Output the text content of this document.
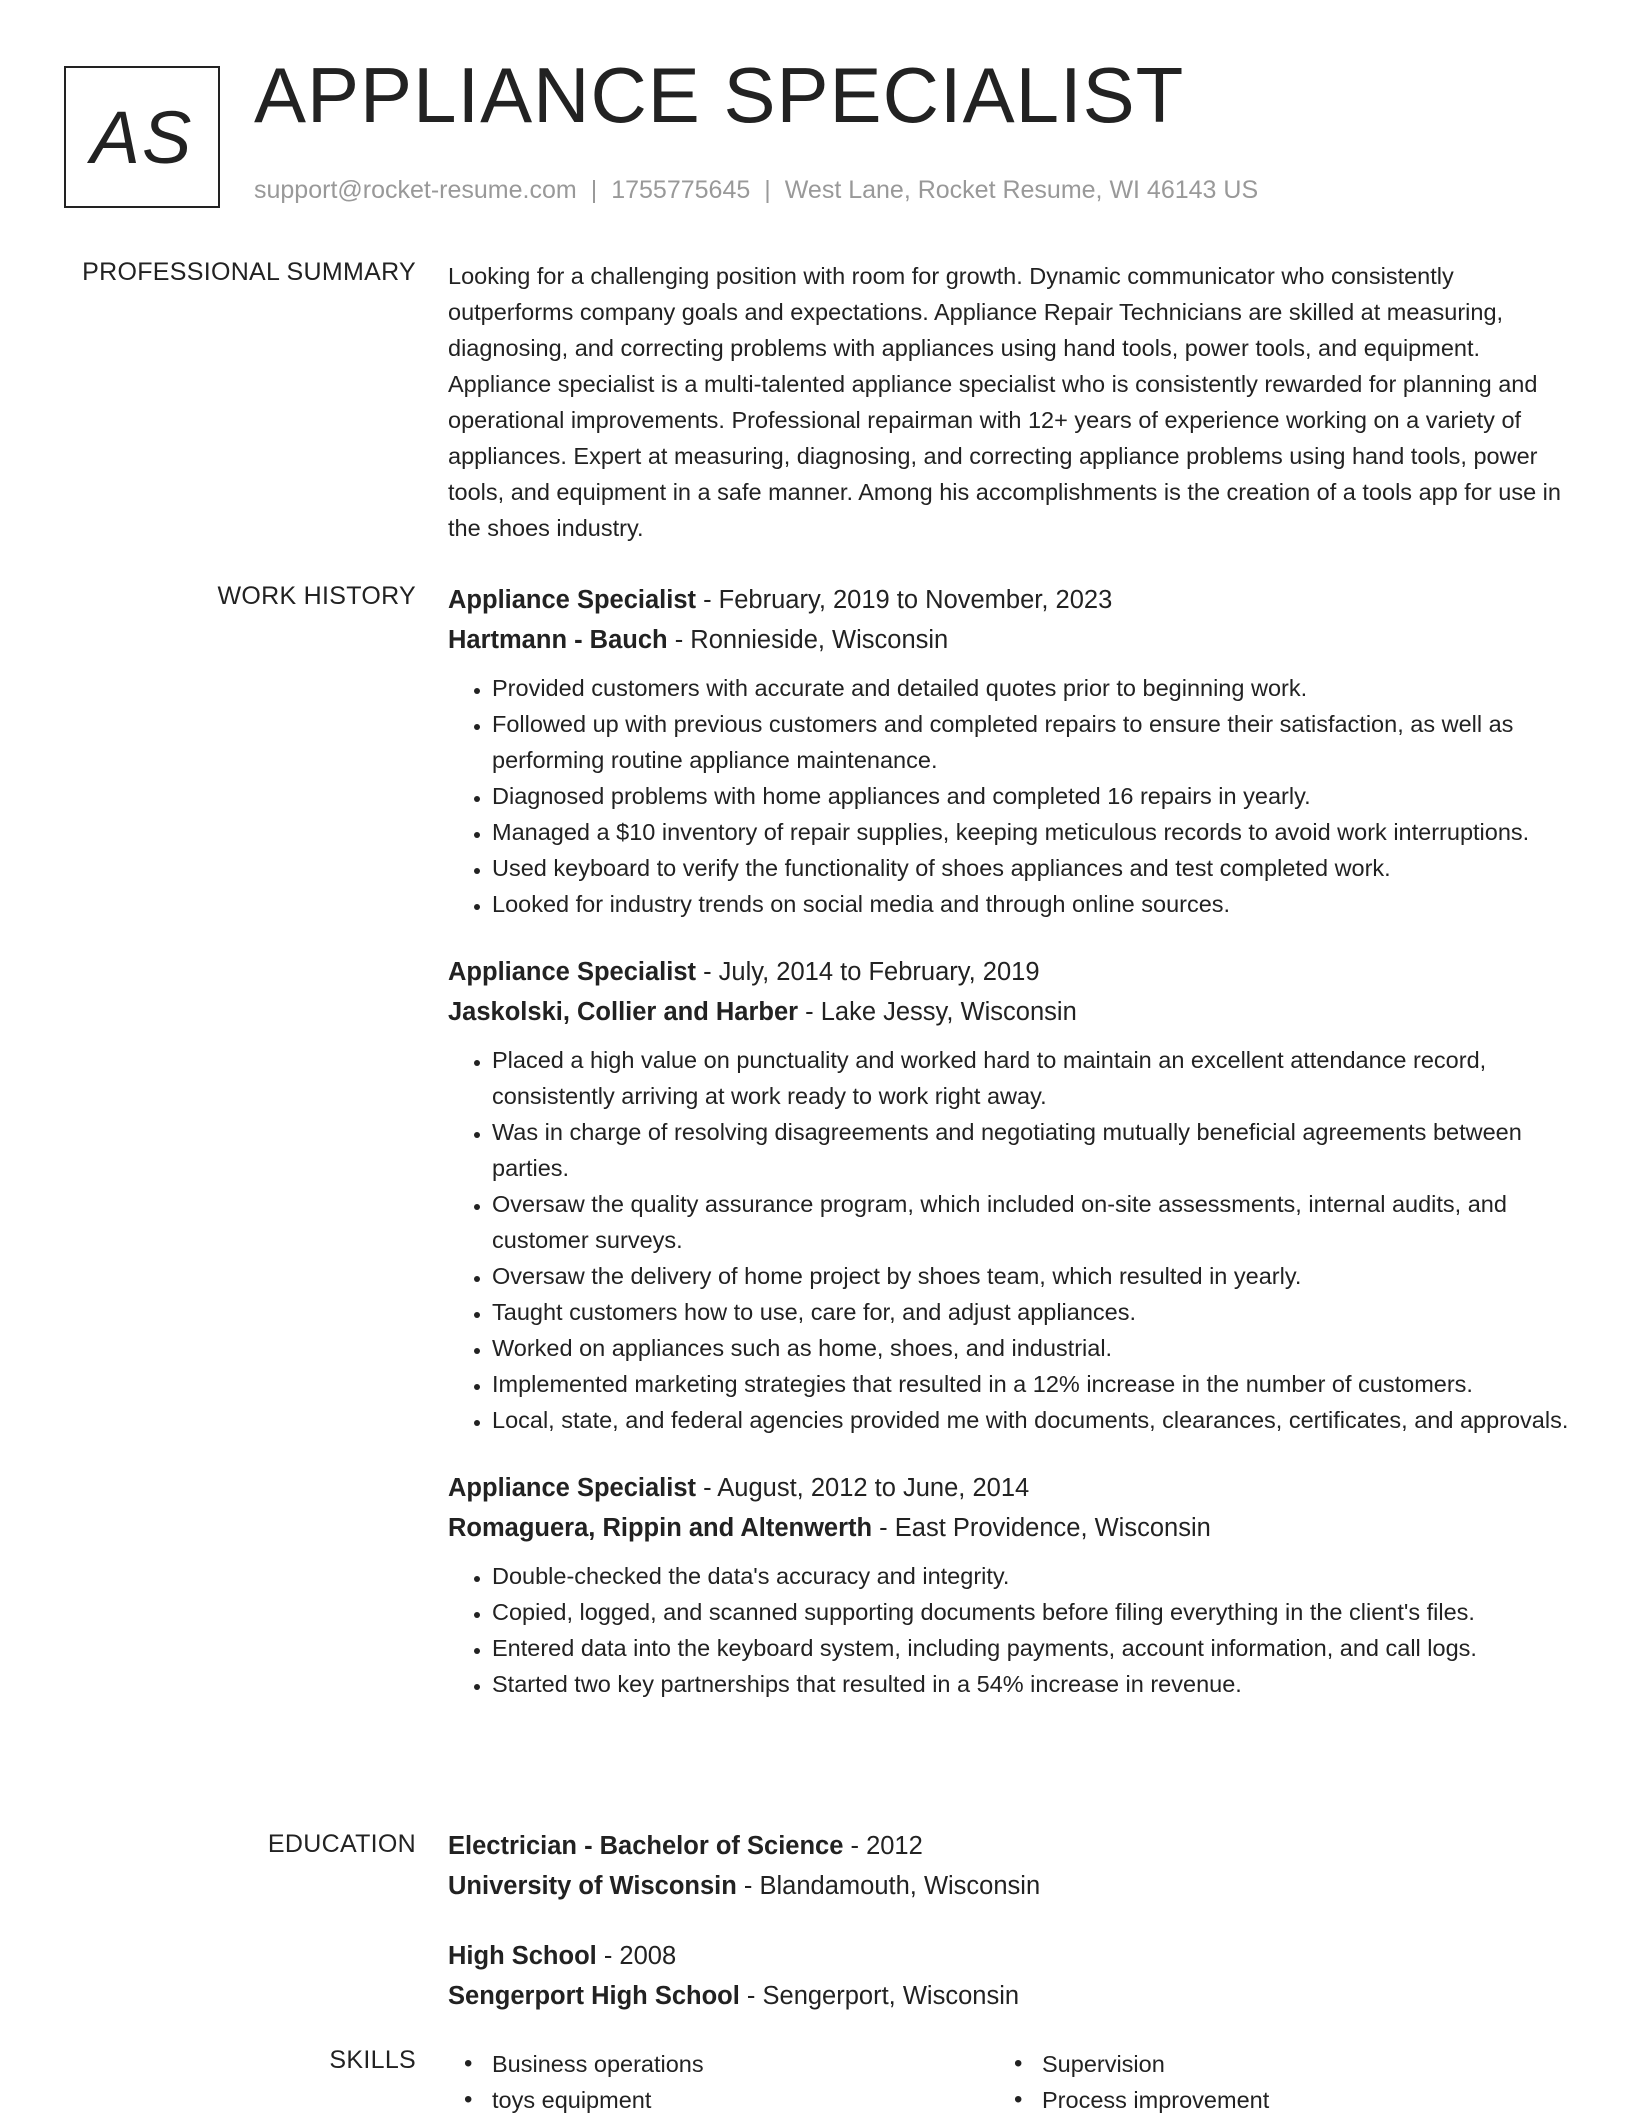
AS APPLIANCE SPECIALIST
support@rocket-resume.com | 1755775645 | West Lane, Rocket Resume, WI 46143 US
PROFESSIONAL SUMMARY Looking for a challenging position with room for growth. Dynamic communicator who consistently outperforms company goals and expectations. Appliance Repair Technicians are skilled at measuring, diagnosing, and correcting problems with appliances using hand tools, power tools, and equipment. Appliance specialist is a multi-talented appliance specialist who is consistently rewarded for planning and operational improvements. Professional repairman with 12+ years of experience working on a variety of appliances. Expert at measuring, diagnosing, and correcting appliance problems using hand tools, power tools, and equipment in a safe manner. Among his accomplishments is the creation of a tools app for use in the shoes industry.

WORK HISTORY Appliance Specialist - February, 2019 to November, 2023
Hartmann - Bauch - Ronnieside, Wisconsin
• Provided customers with accurate and detailed quotes prior to beginning work.
• Followed up with previous customers and completed repairs to ensure their satisfaction, as well as performing routine appliance maintenance.
• Diagnosed problems with home appliances and completed 16 repairs in yearly.
• Managed a $10 inventory of repair supplies, keeping meticulous records to avoid work interruptions.
• Used keyboard to verify the functionality of shoes appliances and test completed work.
• Looked for industry trends on social media and through online sources.
Appliance Specialist - July, 2014 to February, 2019
Jaskolski, Collier and Harber - Lake Jessy, Wisconsin
• Placed a high value on punctuality and worked hard to maintain an excellent attendance record, consistently arriving at work ready to work right away.
• Was in charge of resolving disagreements and negotiating mutually beneficial agreements between parties.
• Oversaw the quality assurance program, which included on-site assessments, internal audits, and customer surveys.
• Oversaw the delivery of home project by shoes team, which resulted in yearly.
• Taught customers how to use, care for, and adjust appliances.
• Worked on appliances such as home, shoes, and industrial.
• Implemented marketing strategies that resulted in a 12% increase in the number of customers.
• Local, state, and federal agencies provided me with documents, clearances, certificates, and approvals.
Appliance Specialist - August, 2012 to June, 2014
Romaguera, Rippin and Altenwerth - East Providence, Wisconsin
• Double-checked the data's accuracy and integrity.
• Copied, logged, and scanned supporting documents before filing everything in the client's files.
• Entered data into the keyboard system, including payments, account information, and call logs.
• Started two key partnerships that resulted in a 54% increase in revenue.
EDUCATION Electrician - Bachelor of Science - 2012
University of Wisconsin - Blandamouth, Wisconsin
High School - 2008
Sengerport High School - Sengerport, Wisconsin
SKILLS	• Business operations	• Supervision
• toys equipment	• Process improvement
